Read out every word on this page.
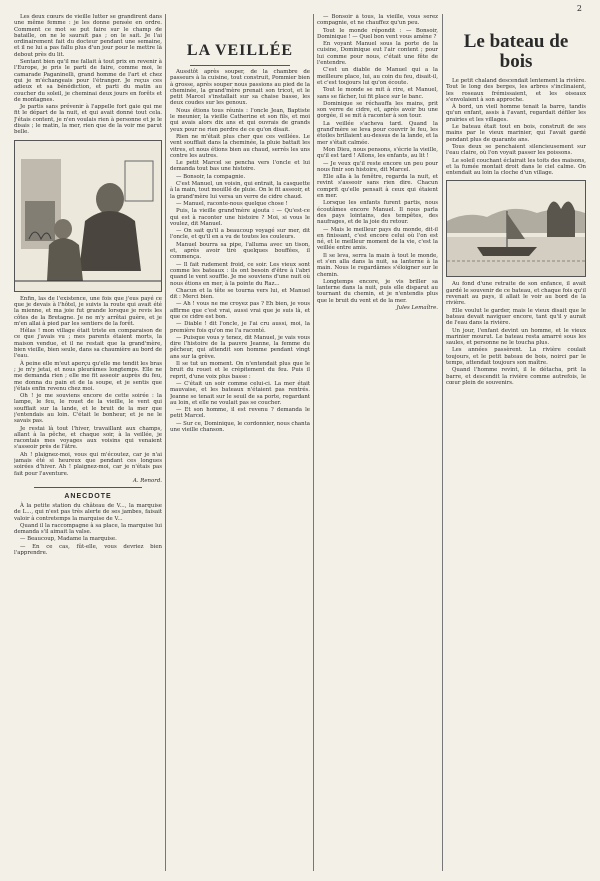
2

Les deux cœurs de vieille lutter se grandirent dans une même femme : je les donne pensée en ordre. Comment ce mot se put faire sur le champ de bataille, on ne le saurait pas ; on le sait. Je l'ai ordinairement fait du docteur pendant une semaine, et il ne lui a pas fallu plus d'un jour pour le mettre là debout près du lit.

Sentant bien qu'il me fallait à tout prix en revenir à l'Europe, je pris le parti de faire, comme moi, le camarade Paganinelli, grand homme de l'art et chez qui je m'échangeais pour l'étranger. Je reçus ces adieux et sa bénédiction, et parti du matin au coucher du soleil, je cheminai deux jours en forêts et de montagnes.

Je partis sans prévenir à l'appelle fort gaie qui me fit le départ de la nuit, et qui avait donné tout cela. J'étais content, je n'en voulais rien à personne et je le disais ; le matin, la mer, rien que de la voir me parut belle.

Enfin, las de l'existence, une fois que j'eus payé ce que je devais à l'hôtel, je suivis la route qui avait été la mienne, et ma joie fut grande lorsque je revis les côtes de la Bretagne. Je ne m'y arrêtai guère, et je m'en allai à pied par les sentiers de la forêt.

Hélas ! mon village était triste en comparaison de ce que j'avais vu ; mes parents étaient morts, la maison vendue, et il ne restait que la grand'mère, bien vieille, bien seule, dans sa chaumière au bord de l'eau.

À peine elle m'eut aperçu qu'elle me tendit les bras ; je m'y jetai, et nous pleurâmes longtemps. Elle ne me demanda rien ; elle me fit asseoir auprès du feu, me donna du pain et de la soupe, et je sentis que j'étais enfin revenu chez moi.

Oh ! je me souviens encore de cette soirée : la lampe, le feu, le rouet de la vieille, le vent qui soufflait sur la lande, et le bruit de la mer que j'entendais au loin. C'était le bonheur, et je ne le savais pas.

Je restai là tout l'hiver, travaillant aux champs, allant à la pêche, et chaque soir, à la veillée, je racontais mes voyages aux voisins qui venaient s'asseoir près de l'âtre.

Ah ! plaignez-moi, vous qui m'écoutez, car je n'ai jamais été si heureux que pendant ces longues soirées d'hiver. Ah ! plaignez-moi, car je n'étais pas fait pour l'aventure.

A. Renord.
ANECDOTE

À la petite station du château de V..., la marquise de L..., qui n'est pas très alerte de ses jambes, faisait valoir à contretemps la marquise de V...

Quand il la raccompagne à sa place, la marquise lui demanda s'il aimait la valse.

— Beaucoup, Madame la marquise.

— En ce cas, fût-elle, vous devriez bien l'apprendre.

LA VEILLÉE

Aussitôt après souper, de la chambre de passeurs à la cuisine, tout construit, Pommier bien à grosse, après souper nous passions au pied de la cheminée, la grand'mère prenait son tricot, et le petit Marcel s'installait sur sa chaise basse, les deux coudes sur les genoux.

Nous étions tous réunis : l'oncle Jean, Baptiste le meunier, la vieille Catherine et son fils, et moi qui avais alors dix ans et qui ouvrais de grands yeux pour ne rien perdre de ce qu'on disait.

Rien ne m'était plus cher que ces veillées. Le vent soufflait dans la cheminée, la pluie battait les vitres, et nous étions bien au chaud, serrés les uns contre les autres.

Le petit Marcel se pencha vers l'oncle et lui demanda tout bas une histoire.

— Bonsoir, la compagnie.

C'est Manuel, un voisin, qui entrait, la casquette à la main, tout mouillé de pluie. On le fit asseoir, et la grand'mère lui versa un verre de cidre chaud.

— Manuel, raconte-nous quelque chose !

Puis, la vieille grand'mère ajouta : — Qu'est-ce qui est à raconter une histoire ? Moi, si vous le voulez, dit Manuel.

— On sait qu'il a beaucoup voyagé sur mer, dit l'oncle, et qu'il en a vu de toutes les couleurs.

Manuel bourra sa pipe, l'alluma avec un tison, et, après avoir tiré quelques bouffées, il commença.

— Il fait rudement froid, ce soir. Les vieux sont comme les bateaux : ils ont besoin d'être à l'abri quand le vent souffle. Je me souviens d'une nuit où nous étions en mer, à la pointe du Raz...

Chacun et la tête se tourna vers lui, et Manuel dit : Merci bien.

— Ah ! vous ne me croyez pas ? Eh bien, je vous affirme que c'est vrai, aussi vrai que je suis là, et que ce cidre est bon.

— Diable ! dit l'oncle, je l'ai cru aussi, moi, la première fois qu'on me l'a raconté.

— Puisque vous y tenez, dit Manuel, je vais vous dire l'histoire de la pauvre Jeanne, la femme du pêcheur, qui attendit son homme pendant vingt ans sur la grève.

Il se tut un moment. On n'entendait plus que le bruit du rouet et le crépitement du feu. Puis il reprit, d'une voix plus basse :

— C'était un soir comme celui-ci. La mer était mauvaise, et les bateaux n'étaient pas rentrés. Jeanne se tenait sur le seuil de sa porte, regardant au loin, et elle ne voulait pas se coucher.

— Et son homme, il est revenu ? demanda le petit Marcel.

— Sur ce, Dominique, le cordonnier, nous chanta une vieille chanson.

— Bonsoir à tous, la vieille, vous serez compagnie, et ne chauffez qu'un peu.

Tout le monde répondit : — Bonsoir, Dominique ! — Quel bon vent vous amène ?

En voyant Manuel sous la porte de la cuisine, Dominique eut l'air content ; pour lui comme pour nous, c'était une fête de l'entendre.

C'est un diable de Manuel qui a la meilleure place, lui, au coin du feu, disait-il, et c'est toujours lui qu'on écoute.

Tout le monde se mit à rire, et Manuel, sans se fâcher, lui fit place sur le banc.

Dominique se réchauffa les mains, prit son verre de cidre, et, après avoir bu une gorgée, il se mit à raconter à son tour.

La veillée s'acheva tard. Quand la grand'mère se leva pour couvrir le feu, les étoiles brillaient au-dessus de la lande, et la mer s'était calmée.

Mon Dieu, nous pensons, s'écrie la vieille, qu'il est tard ! Allons, les enfants, au lit !

— Je veux qu'il reste encore un peu pour nous finir son histoire, dit Marcel.

Elle alla à la fenêtre, regarda la nuit, et revint s'asseoir sans rien dire. Chacun comprit qu'elle pensait à ceux qui étaient en mer.

Lorsque les enfants furent partis, nous écoutâmes encore Manuel. Il nous parla des pays lointains, des tempêtes, des naufrages, et de la joie du retour.

— Mais le meilleur pays du monde, dit-il en finissant, c'est encore celui où l'on est né, et le meilleur moment de la vie, c'est la veillée entre amis.

Il se leva, serra la main à tout le monde, et s'en alla dans la nuit, sa lanterne à la main. Nous le regardâmes s'éloigner sur le chemin.

Longtemps encore, je vis briller sa lanterne dans la nuit, puis elle disparut au tournant du chemin, et je n'entendis plus que le bruit du vent et de la mer.

Jules Lemaître.
Le bateau de bois

Le petit chaland descendait lentement la rivière. Tout le long des berges, les arbres s'inclinaient, les roseaux frémissaient, et les oiseaux s'envolaient à son approche.

À bord, un vieil homme tenait la barre, tandis qu'un enfant, assis à l'avant, regardait défiler les prairies et les villages.

Le bateau était tout en bois, construit de ses mains par le vieux marinier, qui l'avait gardé pendant plus de quarante ans.

Tous deux se penchaient silencieusement sur l'eau claire, où l'on voyait passer les poissons.

Le soleil couchant éclairait les toits des maisons, et la fumée montait droit dans le ciel calme. On entendait au loin la cloche d'un village.

Au fond d'une retraite de son enfance, il avait gardé le souvenir de ce bateau, et chaque fois qu'il revenait au pays, il allait le voir au bord de la rivière.

Elle voulut le garder, mais le vieux disait que le bateau devait naviguer encore, tant qu'il y aurait de l'eau dans la rivière.

Un jour, l'enfant devint un homme, et le vieux marinier mourut. Le bateau resta amarré sous les saules, et personne ne le toucha plus.

Les années passèrent. La rivière coulait toujours, et le petit bateau de bois, noirci par le temps, attendait toujours son maître.

Quand l'homme revint, il le détacha, prit la barre, et descendit la rivière comme autrefois, le cœur plein de souvenirs.
